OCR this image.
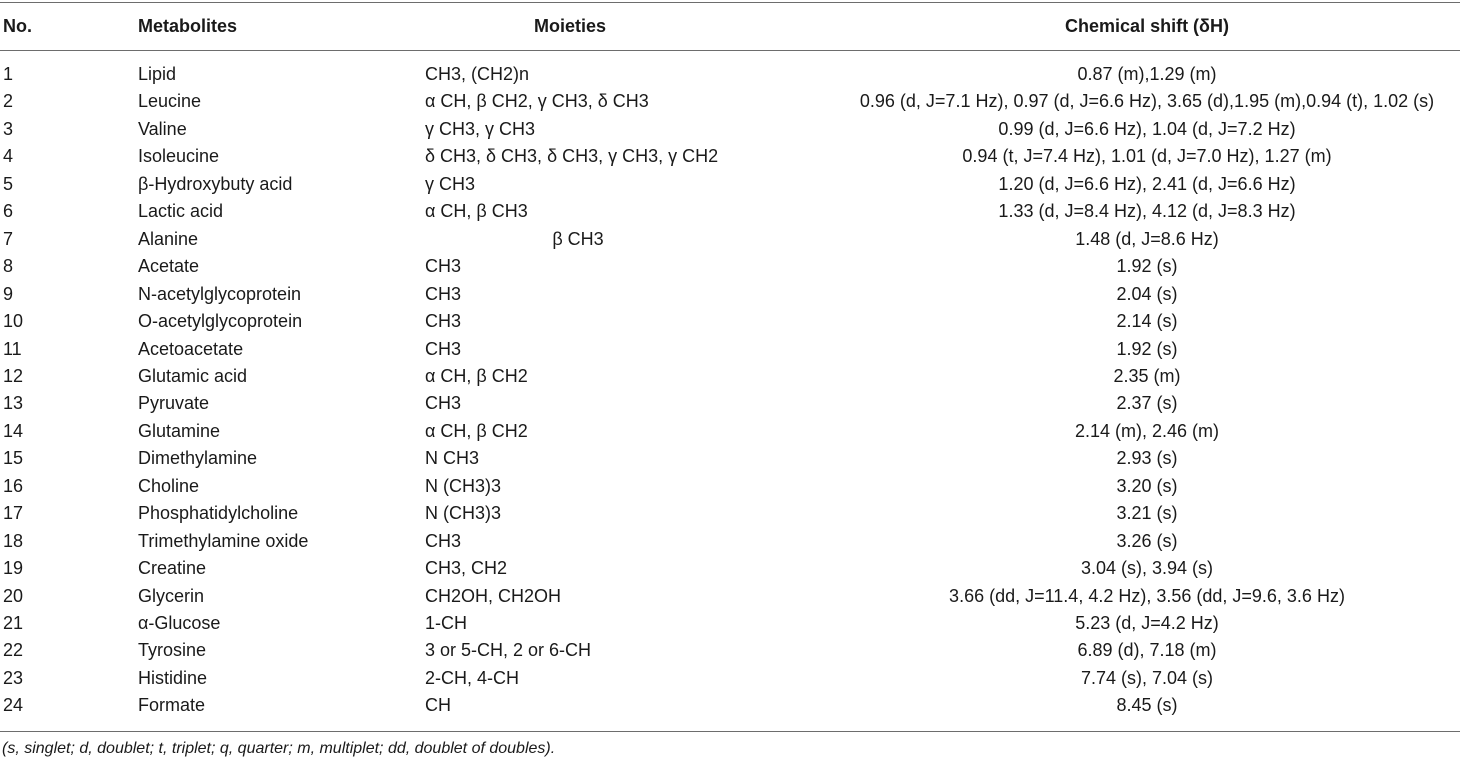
No.	Metabolites	Moieties	Chemical shift (δH)
1	Lipid	CH3, (CH2)n	0.87 (m),1.29 (m)
2	Leucine	α CH, β CH2, γ CH3, δ CH3	0.96 (d, J=7.1 Hz), 0.97 (d, J=6.6 Hz), 3.65 (d),1.95 (m),0.94 (t), 1.02 (s)
3	Valine	γ CH3, γ CH3	0.99 (d, J=6.6 Hz), 1.04 (d, J=7.2 Hz)
4	Isoleucine	δ CH3, δ CH3, δ CH3, γ CH3, γ CH2	0.94 (t, J=7.4 Hz), 1.01 (d, J=7.0 Hz), 1.27 (m)
5	β-Hydroxybuty acid	γ CH3	1.20 (d, J=6.6 Hz), 2.41 (d, J=6.6 Hz)
6	Lactic acid	α CH, β CH3	1.33 (d, J=8.4 Hz), 4.12 (d, J=8.3 Hz)
7	Alanine	β CH3	1.48 (d, J=8.6 Hz)
8	Acetate	CH3	1.92 (s)
9	N-acetylglycoprotein	CH3	2.04 (s)
10	O-acetylglycoprotein	CH3	2.14 (s)
11	Acetoacetate	CH3	1.92 (s)
12	Glutamic acid	α CH, β CH2	2.35 (m)
13	Pyruvate	CH3	2.37 (s)
14	Glutamine	α CH, β CH2	2.14 (m), 2.46 (m)
15	Dimethylamine	N CH3	2.93 (s)
16	Choline	N (CH3)3	3.20 (s)
17	Phosphatidylcholine	N (CH3)3	3.21 (s)
18	Trimethylamine oxide	CH3	3.26 (s)
19	Creatine	CH3, CH2	3.04 (s), 3.94 (s)
20	Glycerin	CH2OH, CH2OH	3.66 (dd, J=11.4, 4.2 Hz), 3.56 (dd, J=9.6, 3.6 Hz)
21	α-Glucose	1-CH	5.23 (d, J=4.2 Hz)
22	Tyrosine	3 or 5-CH, 2 or 6-CH	6.89 (d), 7.18 (m)
23	Histidine	2-CH, 4-CH	7.74 (s), 7.04 (s)
24	Formate	CH	8.45 (s)
(s, singlet; d, doublet; t, triplet; q, quarter; m, multiplet; dd, doublet of doubles).
